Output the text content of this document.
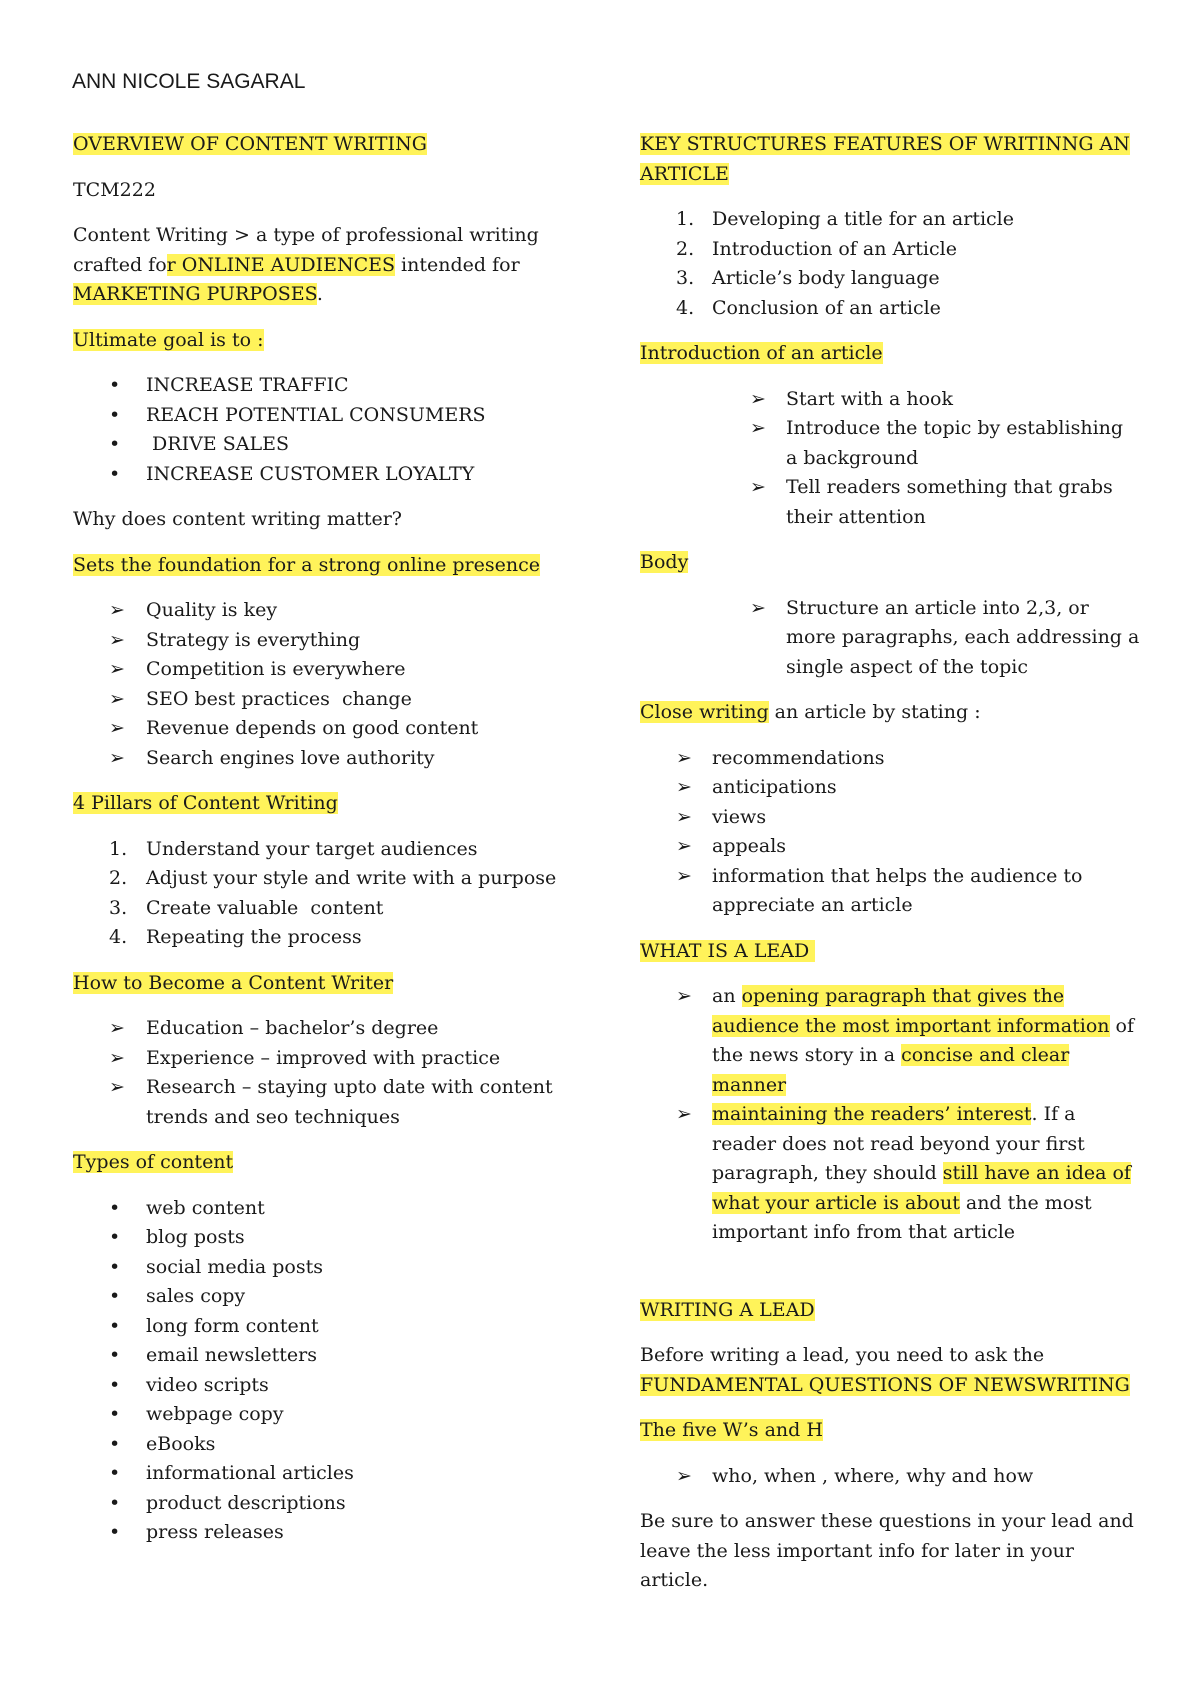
ANN NICOLE SAGARAL

OVERVIEW OF CONTENT WRITING

TCM222

Content Writing > a type of professional writing crafted for ONLINE AUDIENCES intended for MARKETING PURPOSES.

Ultimate goal is to :

•
INCREASE TRAFFIC
•
REACH POTENTIAL CONSUMERS
•
DRIVE SALES
•
INCREASE CUSTOMER LOYALTY

Why does content writing matter?

Sets the foundation for a strong online presence

➢
Quality is key
➢
Strategy is everything
➢
Competition is everywhere
➢
SEO best practices  change
➢
Revenue depends on good content
➢
Search engines love authority

4 Pillars of Content Writing

1. Understand your target audiences
2. Adjust your style and write with a purpose
3. Create valuable  content
4. Repeating the process

How to Become a Content Writer

➢
Education – bachelor’s degree
➢
Experience – improved with practice
➢
Research – staying upto date with content trends and seo techniques

Types of content

•
web content
•
blog posts
•
social media posts
•
sales copy
•
long form content
•
email newsletters
•
video scripts
•
webpage copy
•
eBooks
•
informational articles
•
product descriptions
•
press releases

KEY STRUCTURES FEATURES OF WRITINNG AN ARTICLE

1. Developing a title for an article
2. Introduction of an Article
3. Article’s body language
4. Conclusion of an article

Introduction of an article

➢
Start with a hook
➢
Introduce the topic by establishing a background
➢
Tell readers something that grabs their attention

Body

➢
Structure an article into 2,3, or more paragraphs, each addressing a single aspect of the topic

Close writing an article by stating :

➢
recommendations
➢
anticipations
➢
views
➢
appeals
➢
information that helps the audience to appreciate an article

WHAT IS A LEAD

➢
an opening paragraph that gives the audience the most important information of the news story in a concise and clear manner
➢
maintaining the readers’ interest. If a reader does not read beyond your first paragraph, they should still have an idea of what your article is about and the most important info from that article

WRITING A LEAD

Before writing a lead, you need to ask the FUNDAMENTAL QUESTIONS OF NEWSWRITING

The five W’s and H

➢
who, when , where, why and how

Be sure to answer these questions in your lead and leave the less important info for later in your article.
